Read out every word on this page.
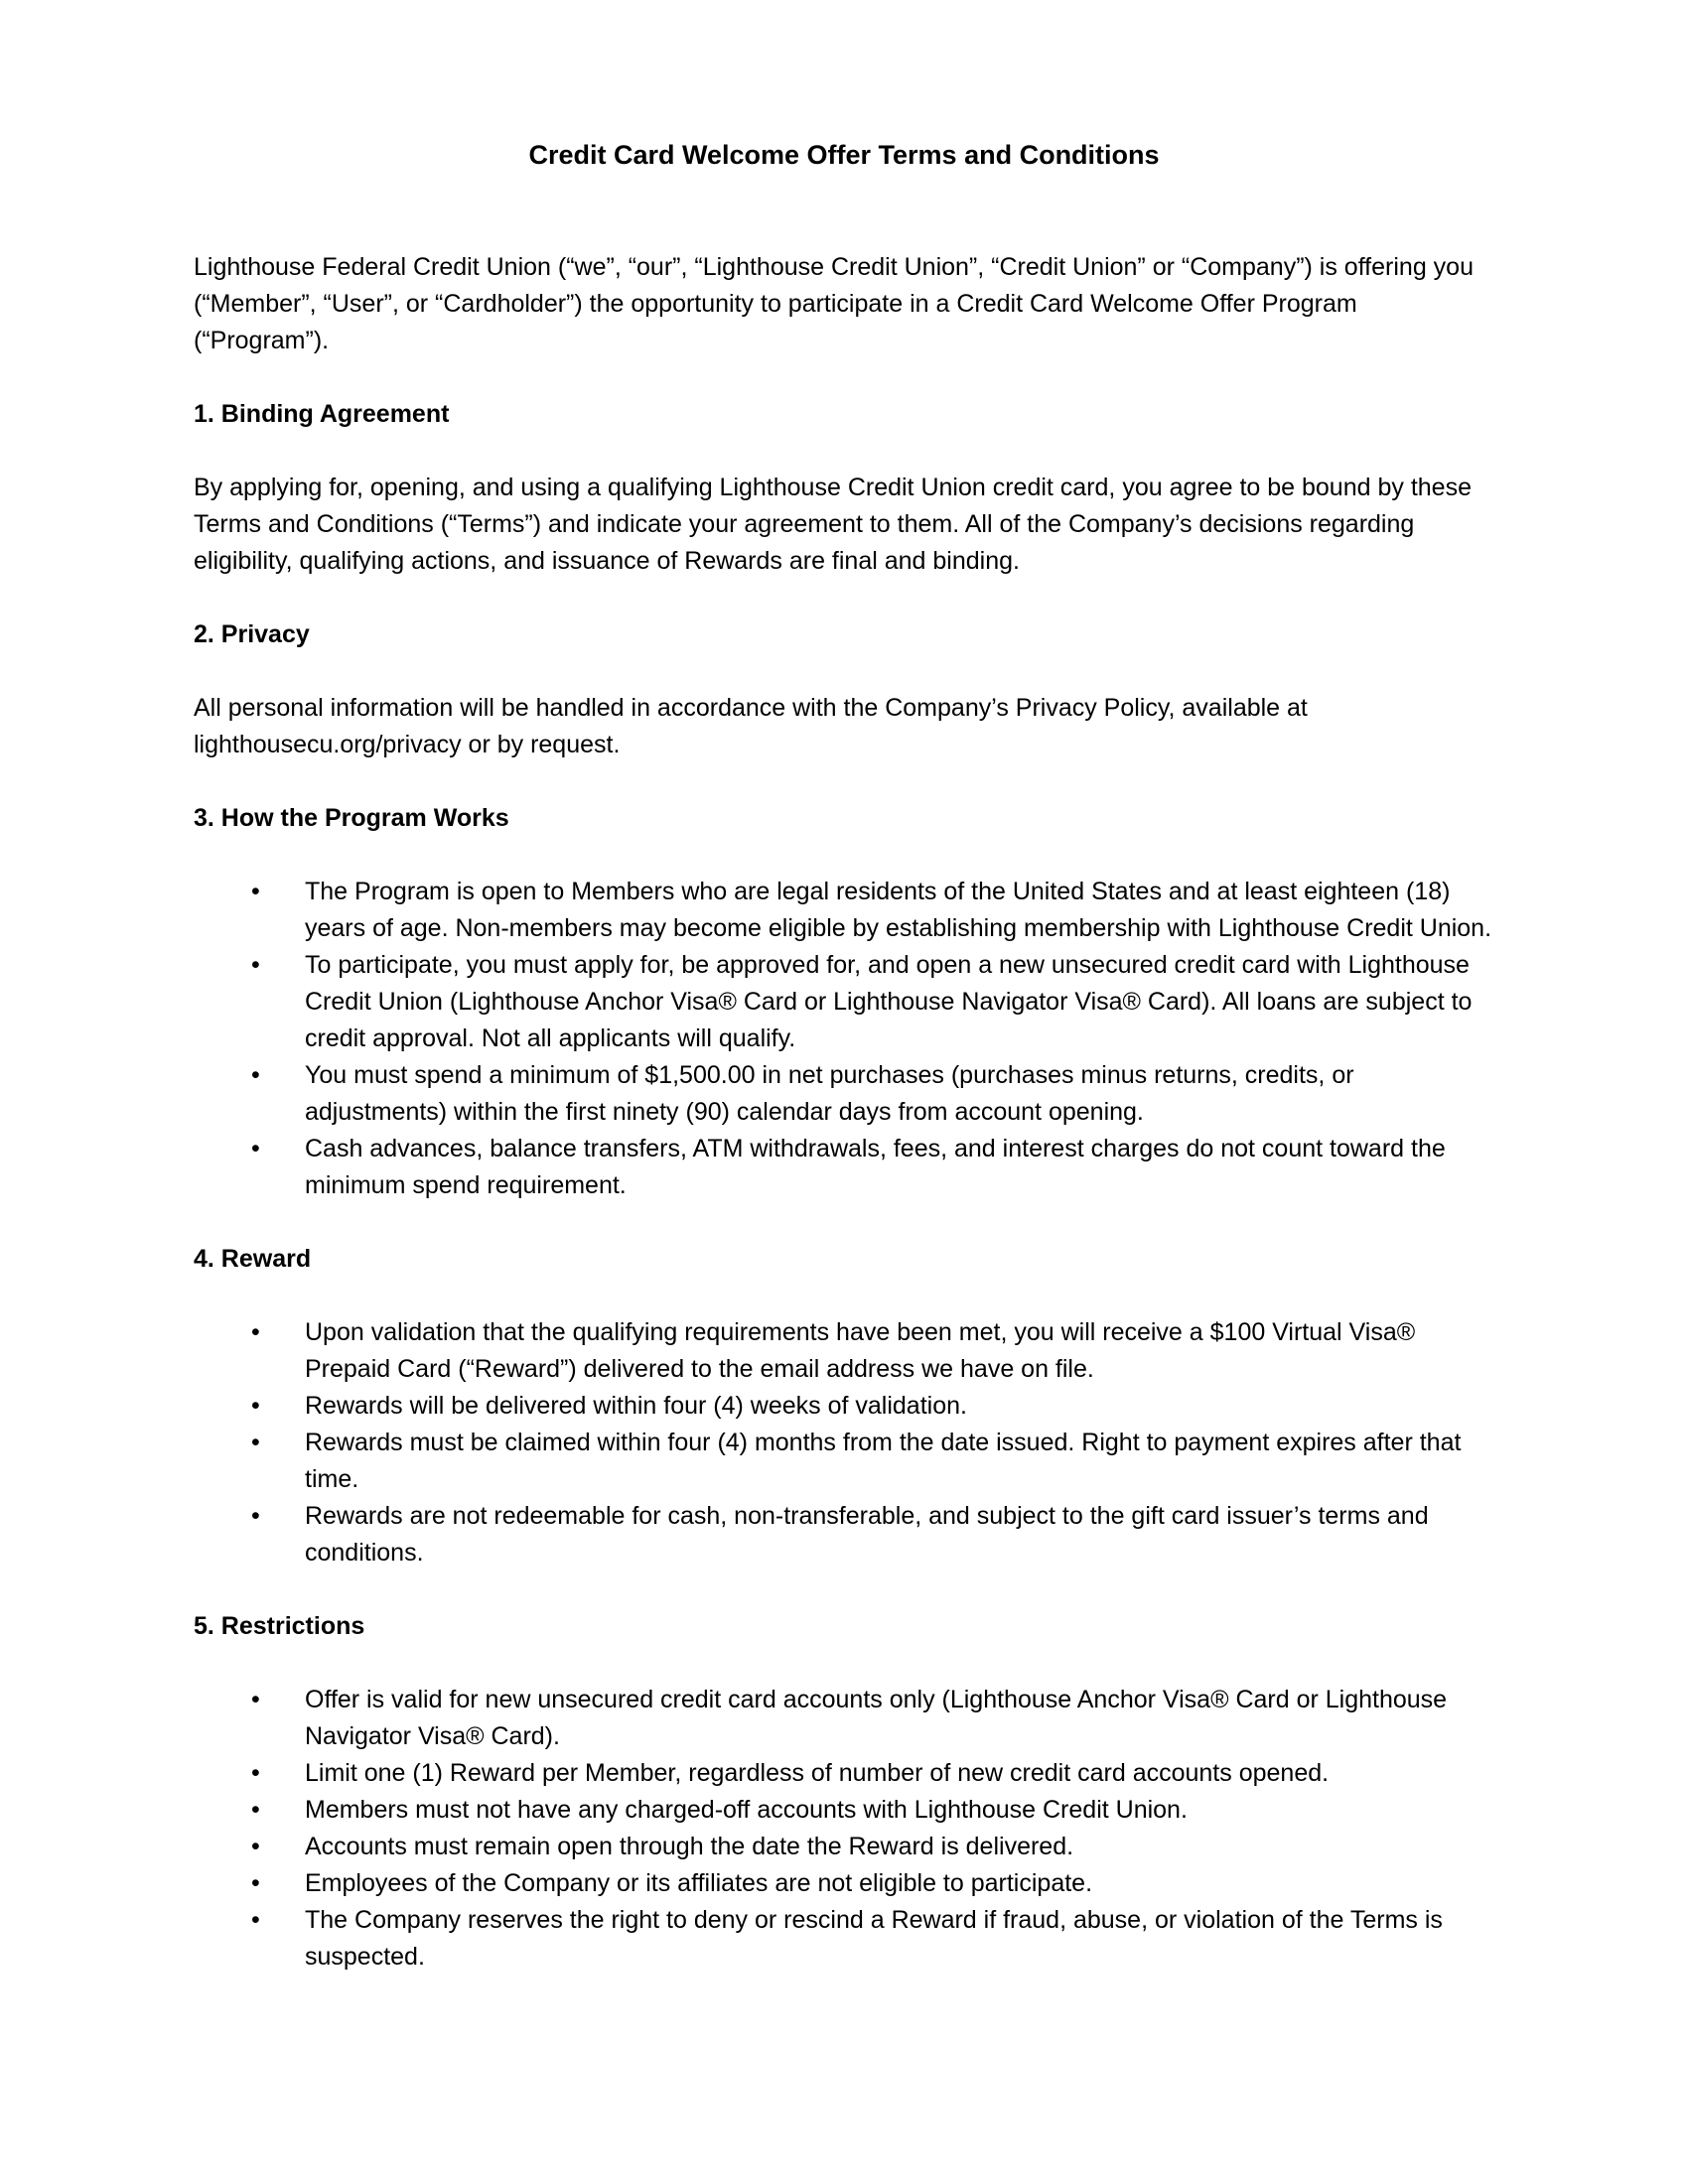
Credit Card Welcome Offer Terms and Conditions

Lighthouse Federal Credit Union (“we”, “our”, “Lighthouse Credit Union”, “Credit Union” or “Company”) is offering you (“Member”, “User”, or “Cardholder”) the opportunity to participate in a Credit Card Welcome Offer Program (“Program”).

1. Binding Agreement

By applying for, opening, and using a qualifying Lighthouse Credit Union credit card, you agree to be bound by these Terms and Conditions (“Terms”) and indicate your agreement to them. All of the Company’s decisions regarding eligibility, qualifying actions, and issuance of Rewards are final and binding.

2. Privacy

All personal information will be handled in accordance with the Company’s Privacy Policy, available at lighthousecu.org/privacy or by request.

3. How the Program Works
• The Program is open to Members who are legal residents of the United States and at least eighteen (18) years of age. Non-members may become eligible by establishing membership with Lighthouse Credit Union.
• To participate, you must apply for, be approved for, and open a new unsecured credit card with Lighthouse Credit Union (Lighthouse Anchor Visa® Card or Lighthouse Navigator Visa® Card). All loans are subject to credit approval. Not all applicants will qualify.
• You must spend a minimum of $1,500.00 in net purchases (purchases minus returns, credits, or adjustments) within the first ninety (90) calendar days from account opening.
• Cash advances, balance transfers, ATM withdrawals, fees, and interest charges do not count toward the minimum spend requirement.
4. Reward
• Upon validation that the qualifying requirements have been met, you will receive a $100 Virtual Visa® Prepaid Card (“Reward”) delivered to the email address we have on file.
• Rewards will be delivered within four (4) weeks of validation.
• Rewards must be claimed within four (4) months from the date issued. Right to payment expires after that time.
• Rewards are not redeemable for cash, non-transferable, and subject to the gift card issuer’s terms and conditions.
5. Restrictions
• Offer is valid for new unsecured credit card accounts only (Lighthouse Anchor Visa® Card or Lighthouse Navigator Visa® Card).
• Limit one (1) Reward per Member, regardless of number of new credit card accounts opened.
• Members must not have any charged-off accounts with Lighthouse Credit Union.
• Accounts must remain open through the date the Reward is delivered.
• Employees of the Company or its affiliates are not eligible to participate.
• The Company reserves the right to deny or rescind a Reward if fraud, abuse, or violation of the Terms is suspected.
